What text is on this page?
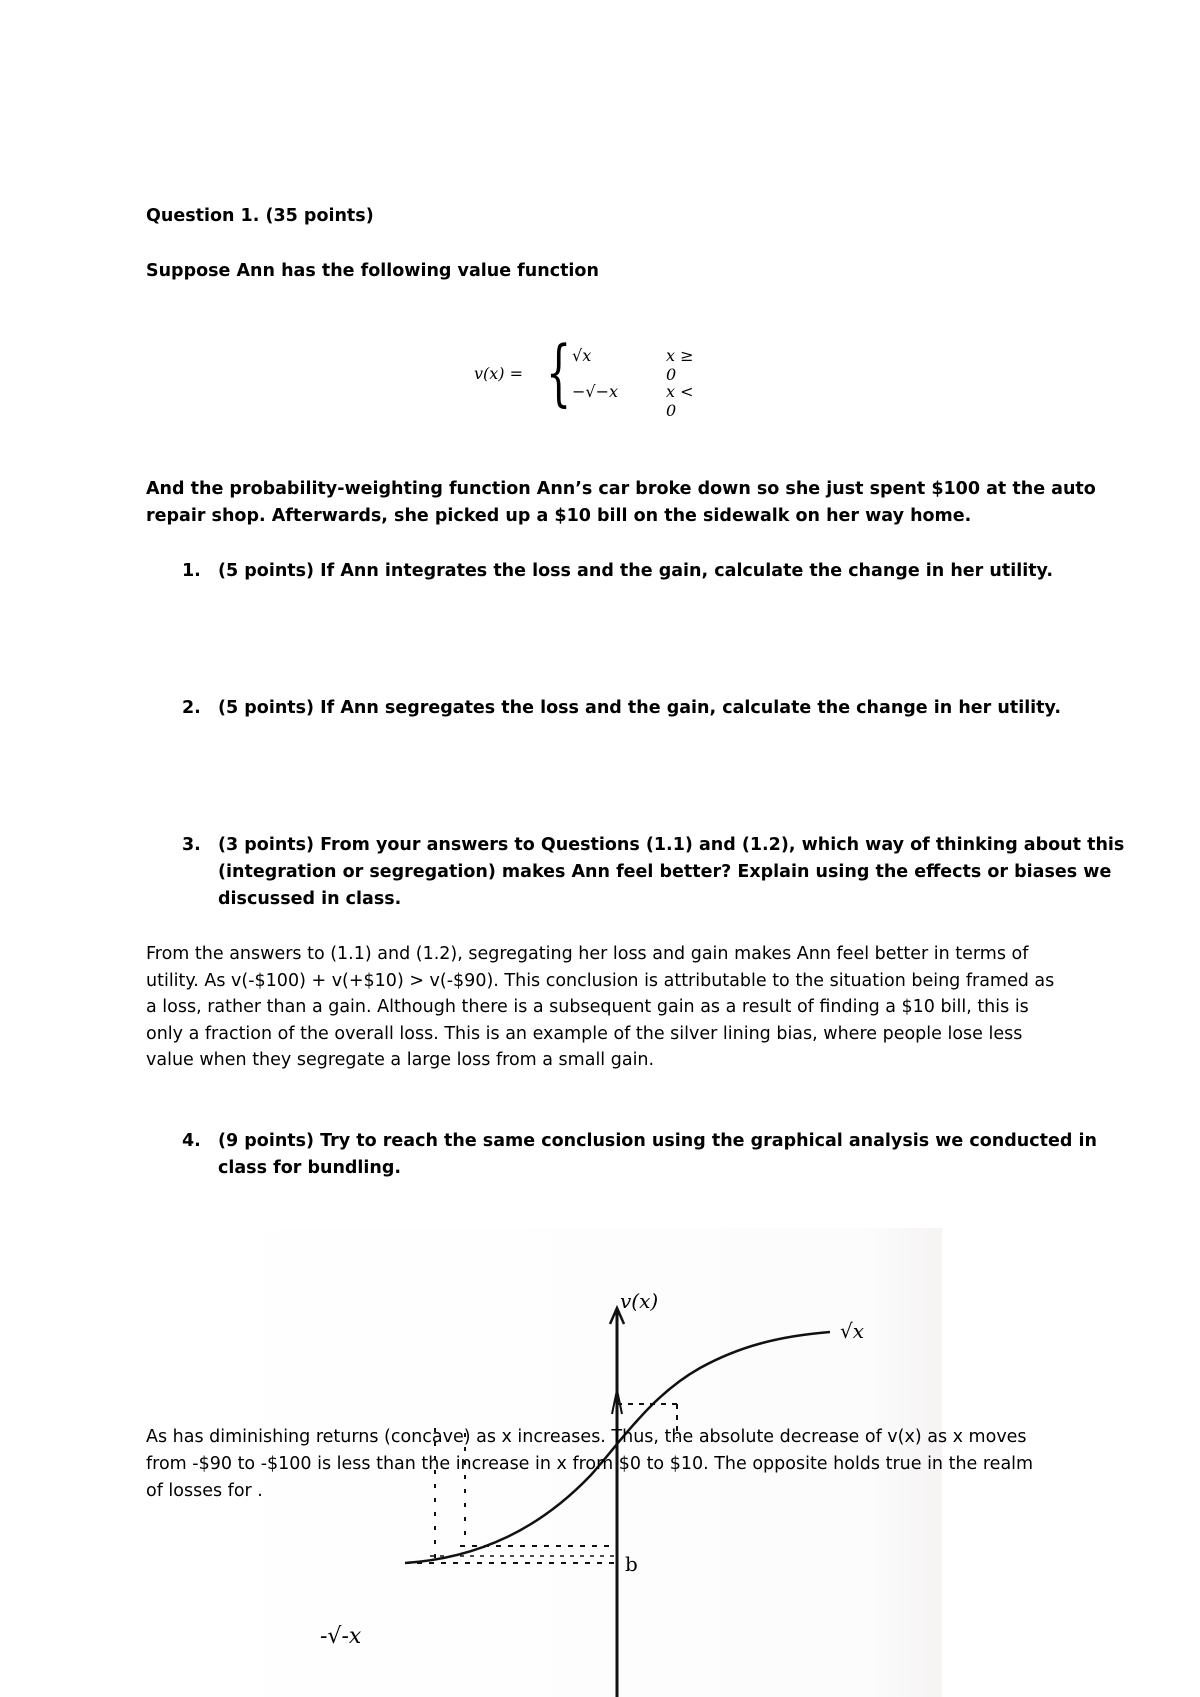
Question 1. (35 points)
Suppose Ann has the following value function
v(x) = { √x	x ≥ 0
−√−x	x < 0
And the probability-weighting function Ann’s car broke down so she just spent $100 at the auto
repair shop. Afterwards, she picked up a $10 bill on the sidewalk on her way home.
1. (5 points) If Ann integrates the loss and the gain, calculate the change in her utility.
2. (5 points) If Ann segregates the loss and the gain, calculate the change in her utility.
3. (3 points) From your answers to Questions (1.1) and (1.2), which way of thinking about this
(integration or segregation) makes Ann feel better? Explain using the effects or biases we
discussed in class.
From the answers to (1.1) and (1.2), segregating her loss and gain makes Ann feel better in terms of
utility. As v(-$100) + v(+$10) > v(-$90). This conclusion is attributable to the situation being framed as
a loss, rather than a gain. Although there is a subsequent gain as a result of finding a $10 bill, this is
only a fraction of the overall loss. This is an example of the silver lining bias, where people lose less
value when they segregate a large loss from a small gain.
4. (9 points) Try to reach the same conclusion using the graphical analysis we conducted in
class for bundling.
v(x)
√x
b
-√-x
As has diminishing returns (concave) as x increases. Thus, the absolute decrease of v(x) as x moves
from -$90 to -$100 is less than the increase in x from $0 to $10. The opposite holds true in the realm
of losses for .
